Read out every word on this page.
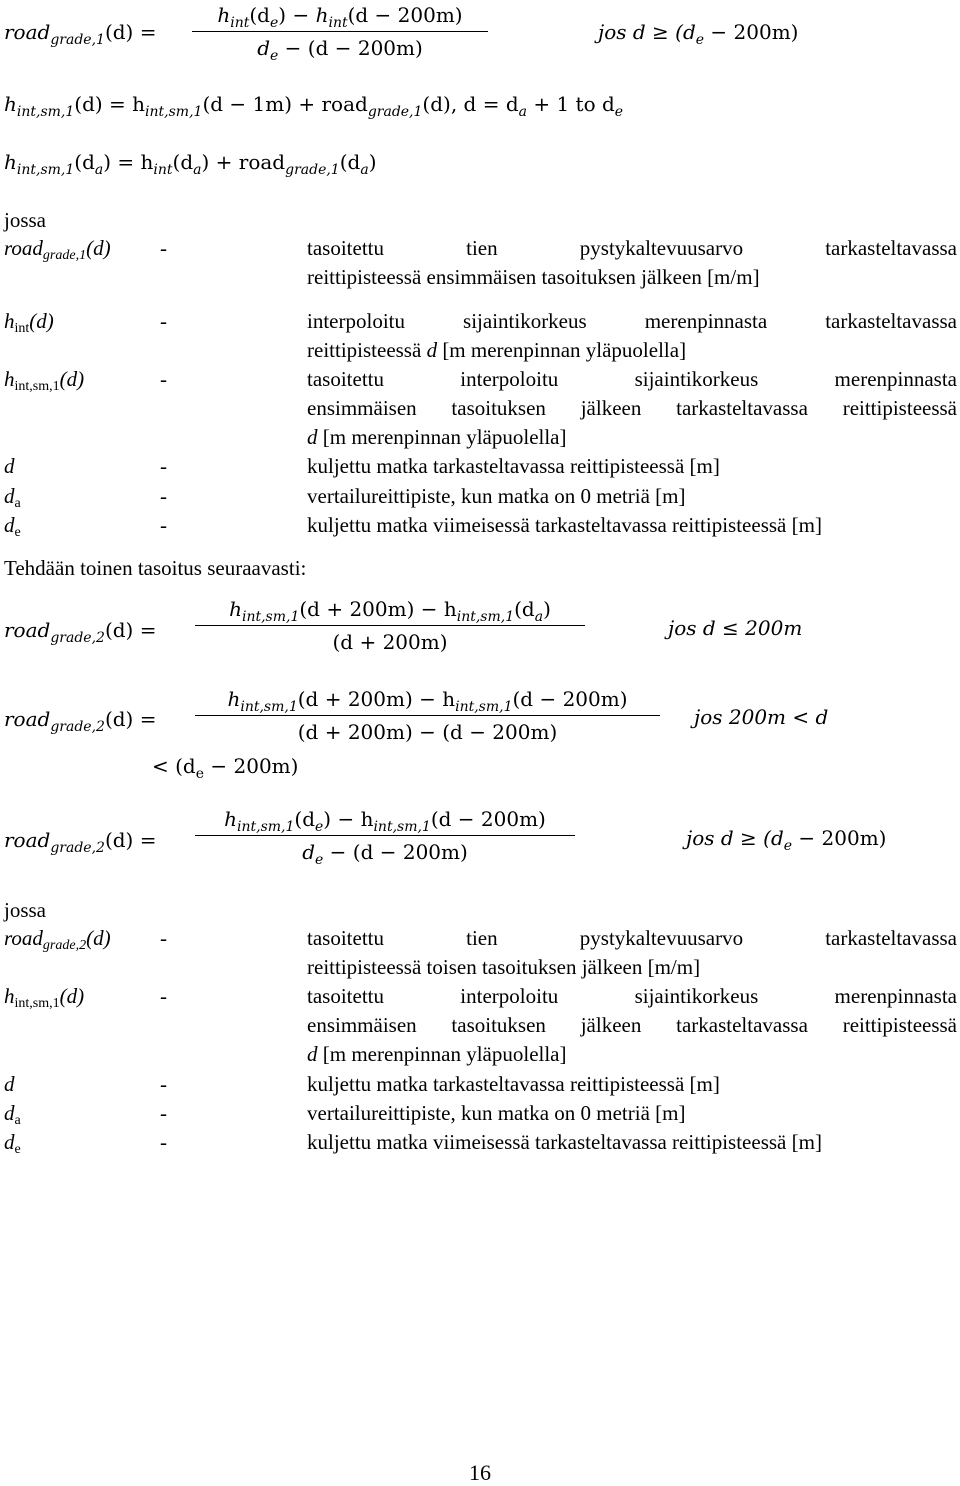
road$_{grade,1}$(d) =
$h_{int}(d_e) - h_{int}(d - 200m)$
$d_e - (d - 200m)$
jos $d \ge (d_e - 200m)$
$h_{int,sm,1}(d) = h_{int,sm,1}(d - 1m)$ + road$_{grade,1}$(d), $d = d_a + 1$ to $d_e$
$h_{int,sm,1}(d_a) = h_{int}(d_a)$ + $road_{grade,1}(d_a)$
jossa
road$_{grade,1}$(d) -	tasoitettu tien pystykaltevuusarvo tarkasteltavassa
reittipisteessä ensimmäisen tasoituksen jälkeen [m/m]
$h_{int}(d)$	-	interpoloitu sijaintikorkeus merenpinnasta tarkasteltavassa
reittipisteessä d [m merenpinnan yläpuolella]
$h_{int,sm,1}(d)$	-	tasoitettu interpoloitu sijaintikorkeus merenpinnasta
ensimmäisen tasoituksen jälkeen tarkasteltavassa reittipisteessä
d [m merenpinnan yläpuolella]
d	-	kuljettu matka tarkasteltavassa reittipisteessä [m]
$d_a$	-	vertailureittipiste, kun matka on 0 metriä [m]
$d_e$	-	kuljettu matka viimeisessä tarkasteltavassa reittipisteessä [m]
Tehdään toinen tasoitus seuraavasti:
road$_{grade,2}$(d) =
$h_{int,sm,1}(d + 200m) - h_{int,sm,1}(d_a)$
(d + 200m)
jos d ≤ 200m
road$_{grade,2}$(d) =
$h_{int,sm,1}(d + 200m) - h_{int,sm,1}(d - 200m)$
(d + 200m) − (d − 200m)
jos 200m < d
< $(d_e - 200m)$
road$_{grade,2}$(d) =
$h_{int,sm,1}(d_e) - h_{int,sm,1}(d - 200m)$
$d_e - (d - 200m)$
jos $d \ge (d_e - 200m)$
jossa
road$_{grade,2}$(d) -	tasoitettu tien pystykaltevuusarvo tarkasteltavassa
reittipisteessä toisen tasoituksen jälkeen [m/m]
$h_{int,sm,1}(d)$	-	tasoitettu interpoloitu sijaintikorkeus merenpinnasta
ensimmäisen tasoituksen jälkeen tarkasteltavassa reittipisteessä
d [m merenpinnan yläpuolella]
d	-	kuljettu matka tarkasteltavassa reittipisteessä [m]
$d_a$	-	vertailureittipiste, kun matka on 0 metriä [m]
$d_e$	-	kuljettu matka viimeisessä tarkasteltavassa reittipisteessä [m]
16
